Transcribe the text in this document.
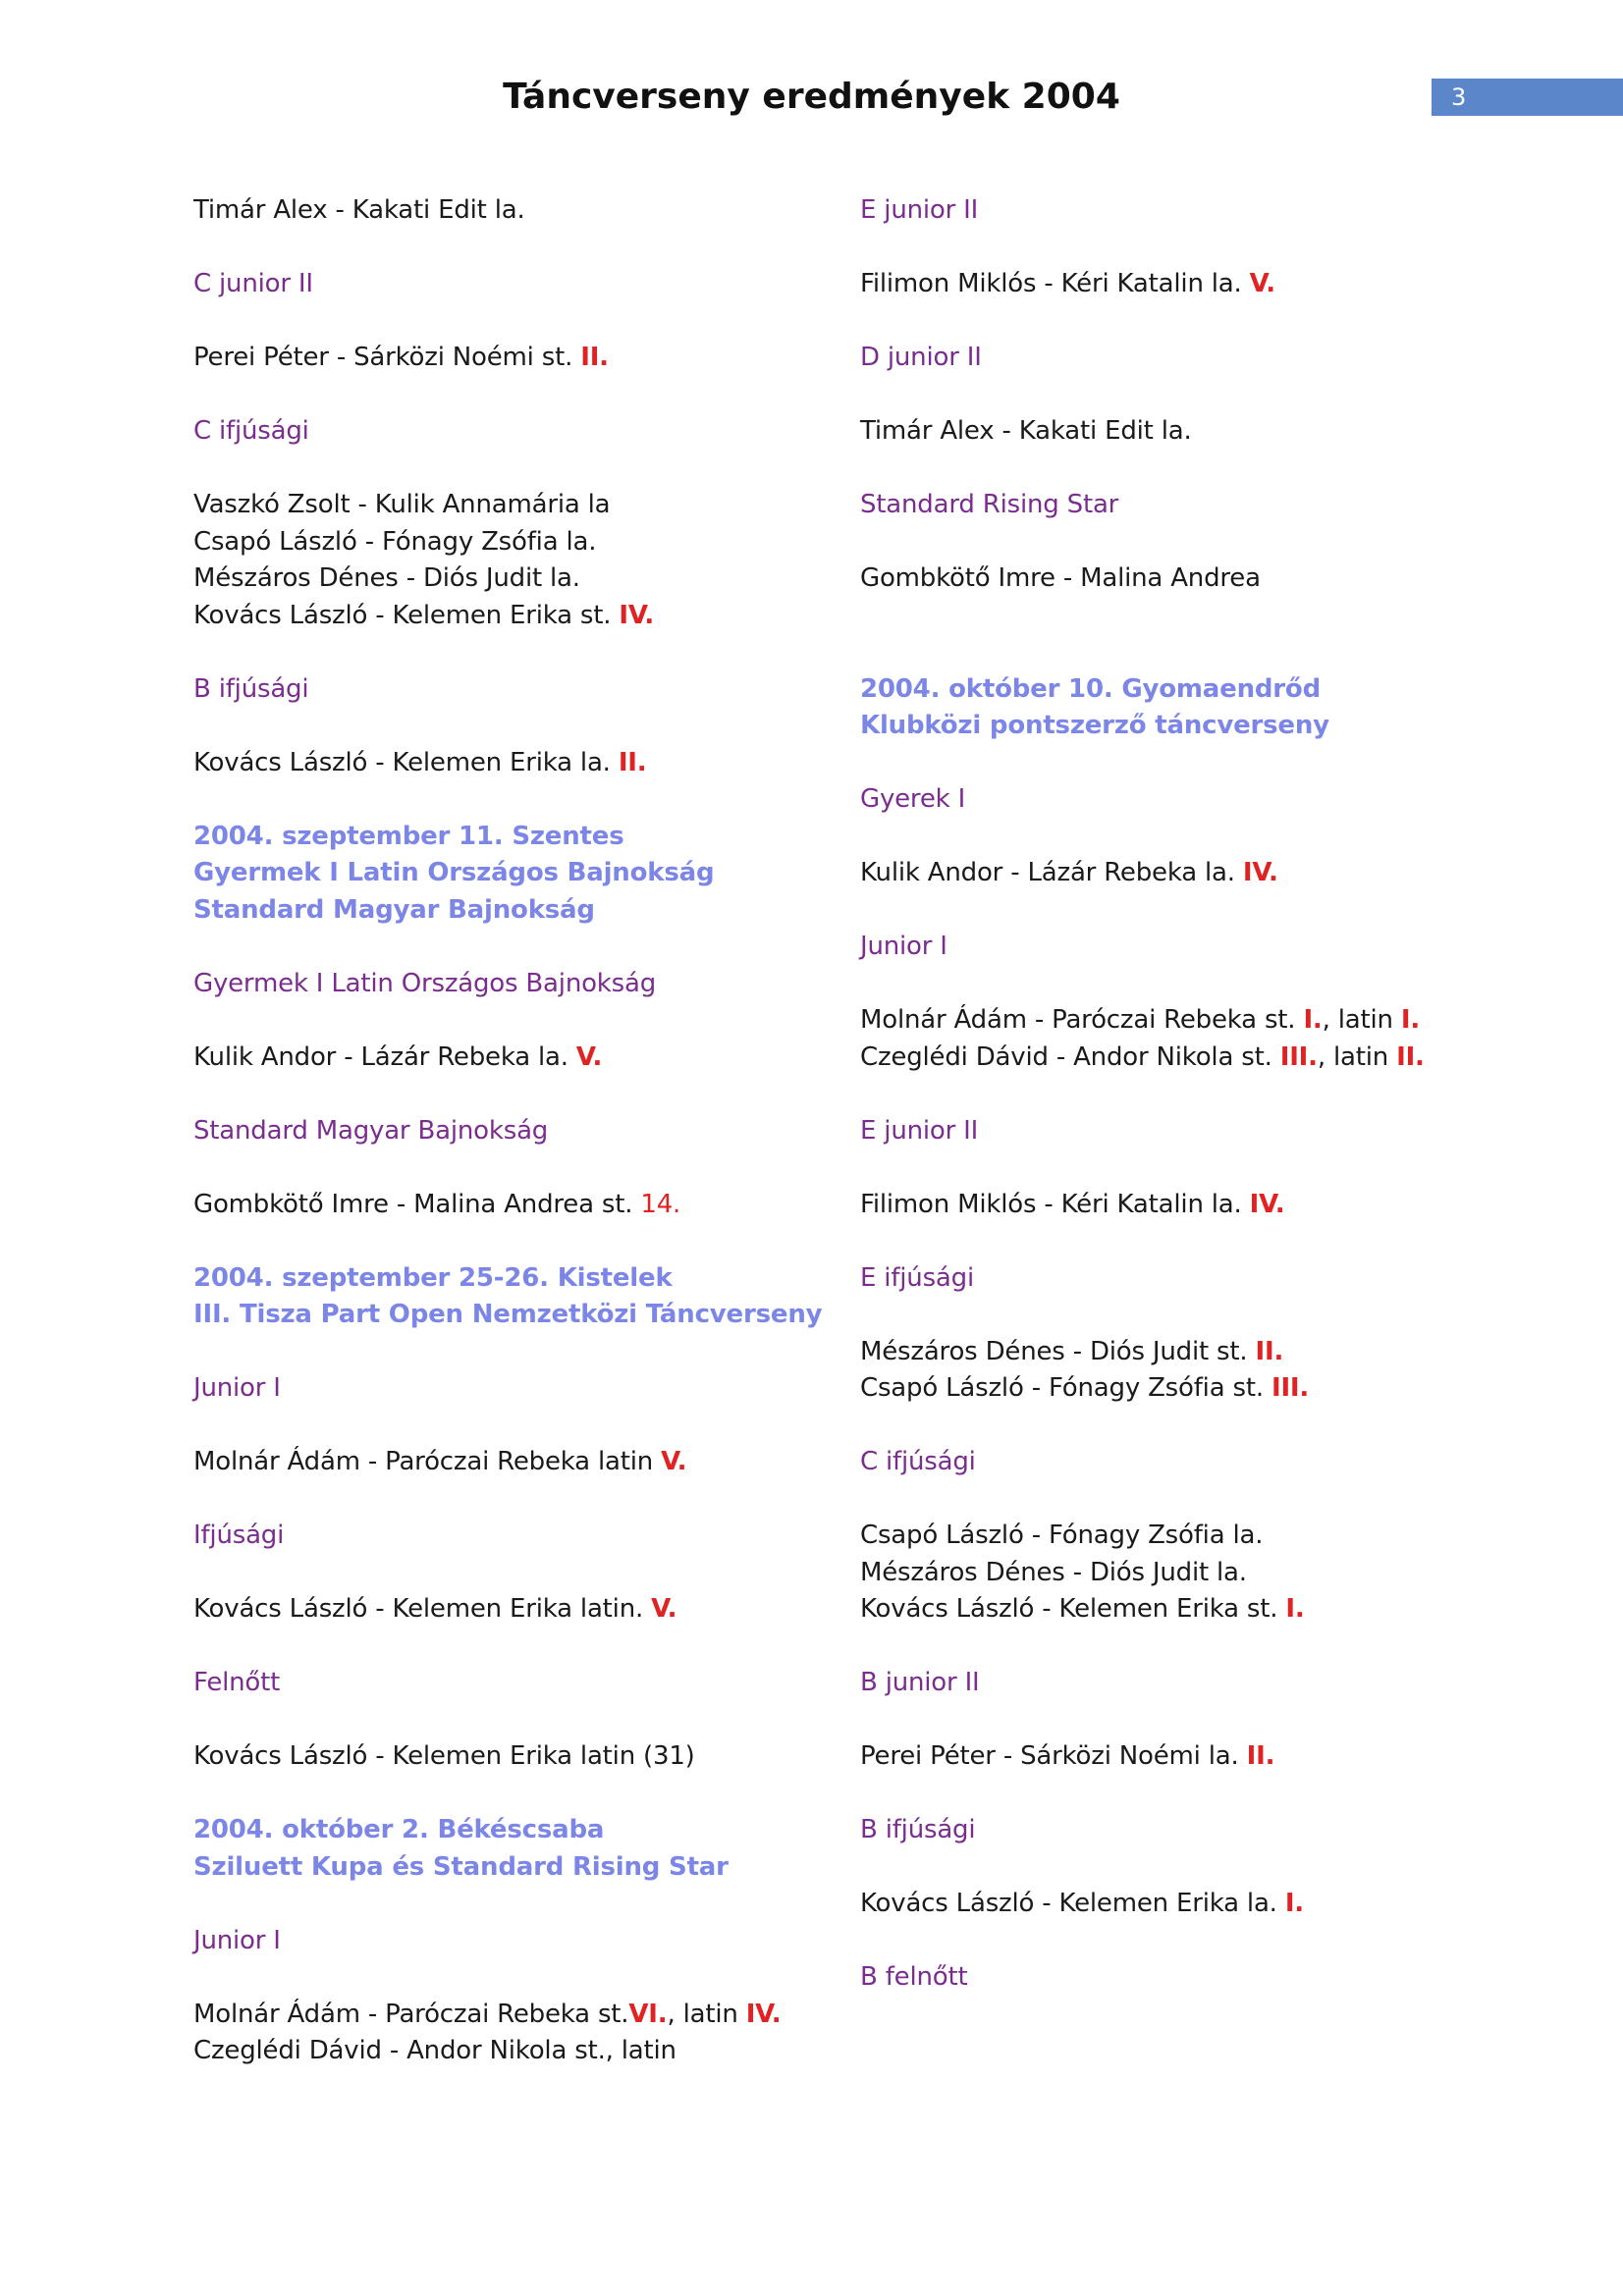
Táncverseny eredmények 2004	3
Timár Alex - Kakati Edit la.
C junior II
Perei Péter - Sárközi Noémi st. II.
C ifjúsági
Vaszkó Zsolt - Kulik Annamária la
Csapó László - Fónagy Zsófia la.
Mészáros Dénes - Diós Judit la.
Kovács László - Kelemen Erika st. IV.
B ifjúsági
Kovács László - Kelemen Erika la. II.
2004. szeptember 11. Szentes
Gyermek I Latin Országos Bajnokság
Standard Magyar Bajnokság
Gyermek I Latin Országos Bajnokság
Kulik Andor - Lázár Rebeka la. V.
Standard Magyar Bajnokság
Gombkötő Imre - Malina Andrea st. 14.
2004. szeptember 25-26. Kistelek
III. Tisza Part Open Nemzetközi Táncverseny
Junior I
Molnár Ádám - Paróczai Rebeka latin V.
Ifjúsági
Kovács László - Kelemen Erika latin. V.
Felnőtt
Kovács László - Kelemen Erika latin (31)
2004. október 2. Békéscsaba
Sziluett Kupa és Standard Rising Star
Junior I
Molnár Ádám - Paróczai Rebeka st.VI., latin IV.
Czeglédi Dávid - Andor Nikola st., latin
E junior II
Filimon Miklós - Kéri Katalin la. V.
D junior II
Timár Alex - Kakati Edit la.
Standard Rising Star
Gombkötő Imre - Malina Andrea
2004. október 10. Gyomaendrőd
Klubközi pontszerző táncverseny
Gyerek I
Kulik Andor - Lázár Rebeka la. IV.
Junior I
Molnár Ádám - Paróczai Rebeka st. I., latin I.
Czeglédi Dávid - Andor Nikola st. III., latin II.
E junior II
Filimon Miklós - Kéri Katalin la. IV.
E ifjúsági
Mészáros Dénes - Diós Judit st. II.
Csapó László - Fónagy Zsófia st. III.
C ifjúsági
Csapó László - Fónagy Zsófia la.
Mészáros Dénes - Diós Judit la.
Kovács László - Kelemen Erika st. I.
B junior II
Perei Péter - Sárközi Noémi la. II.
B ifjúsági
Kovács László - Kelemen Erika la. I.
B felnőtt
